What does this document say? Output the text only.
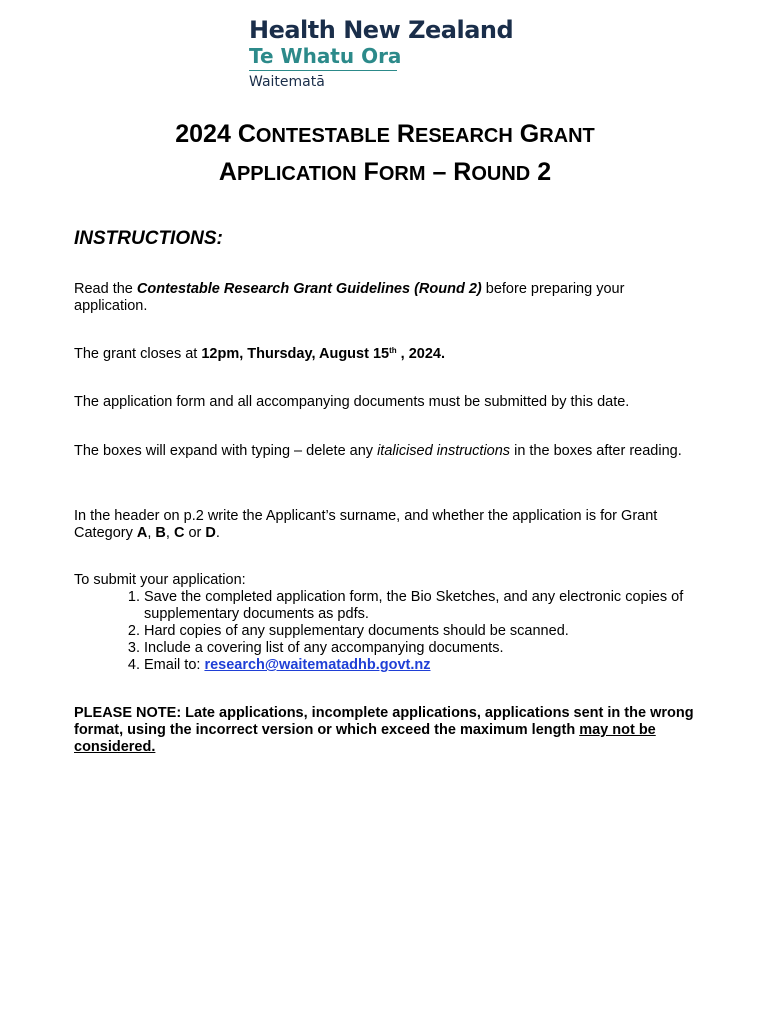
Health New Zealand
Te Whatu Ora
Waitematā
2024 CONTESTABLE RESEARCH GRANT
APPLICATION FORM – ROUND 2
INSTRUCTIONS:
Read the Contestable Research Grant Guidelines (Round 2) before preparing your application.
The grant closes at 12pm, Thursday, August 15th , 2024.
The application form and all accompanying documents must be submitted by this date.
The boxes will expand with typing – delete any italicised instructions in the boxes after reading.
In the header on p.2 write the Applicant’s surname, and whether the application is for Grant Category A, B, C or D.
To submit your application:
1. Save the completed application form, the Bio Sketches, and any electronic copies of supplementary documents as pdfs.
2. Hard copies of any supplementary documents should be scanned.
3. Include a covering list of any accompanying documents.
4. Email to: research@waitematadhb.govt.nz
PLEASE NOTE: Late applications, incomplete applications, applications sent in the wrong format, using the incorrect version or which exceed the maximum length may not be considered.
